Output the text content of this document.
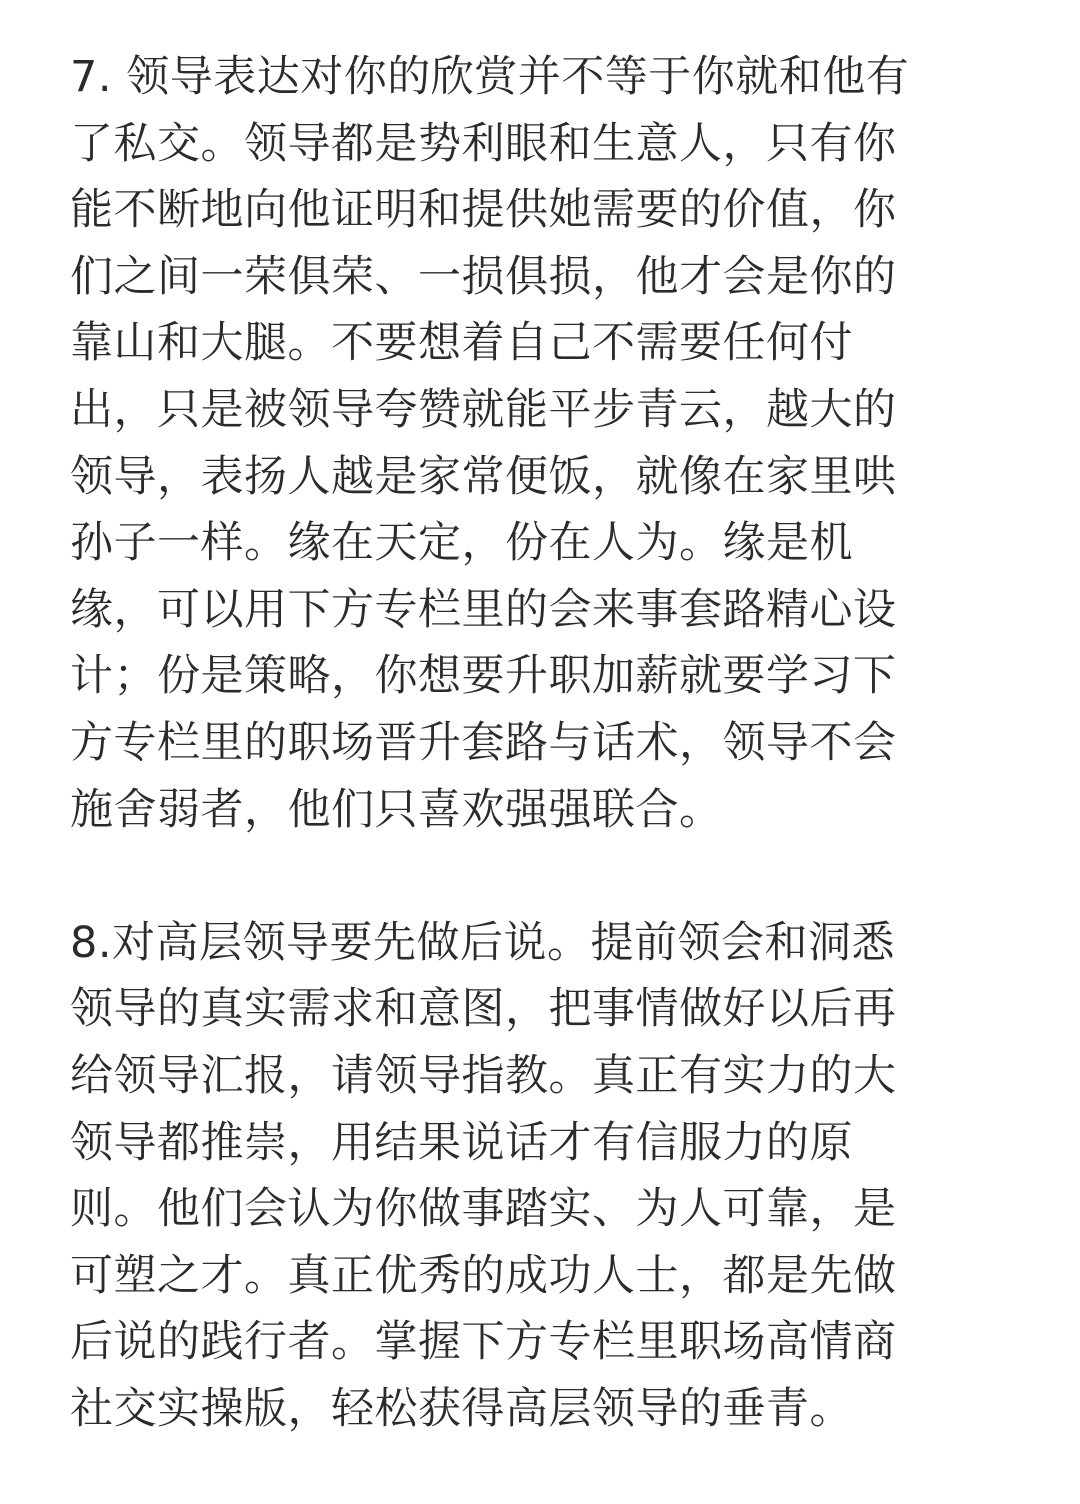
7. 领导表达对你的欣赏并不等于你就和他有
了私交。领导都是势利眼和生意人，只有你
能不断地向他证明和提供她需要的价值，你
们之间一荣俱荣、一损俱损，他才会是你的
靠山和大腿。不要想着自己不需要任何付
出，只是被领导夸赞就能平步青云，越大的
领导，表扬人越是家常便饭，就像在家里哄
孙子一样。缘在天定，份在人为。缘是机
缘，可以用下方专栏里的会来事套路精心设
计；份是策略，你想要升职加薪就要学习下
方专栏里的职场晋升套路与话术，领导不会
施舍弱者，他们只喜欢强强联合。
8.对高层领导要先做后说。提前领会和洞悉
领导的真实需求和意图，把事情做好以后再
给领导汇报，请领导指教。真正有实力的大
领导都推崇，用结果说话才有信服力的原
则。他们会认为你做事踏实、为人可靠，是
可塑之才。真正优秀的成功人士，都是先做
后说的践行者。掌握下方专栏里职场高情商
社交实操版，轻松获得高层领导的垂青。
